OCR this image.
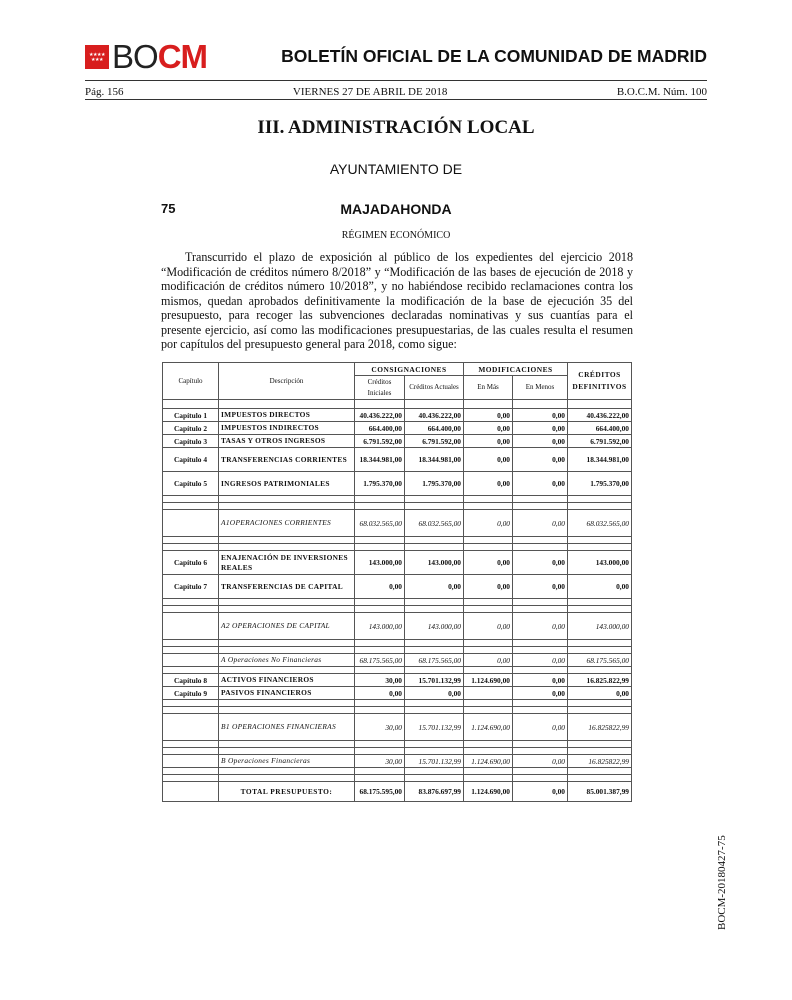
★★★★
★★★ BOCM	BOLETÍN OFICIAL DE LA COMUNIDAD DE MADRID
Pág. 156	VIERNES 27 DE ABRIL DE 2018	B.O.C.M. Núm. 100
III. ADMINISTRACIÓN LOCAL
AYUNTAMIENTO DE
75	MAJADAHONDA
RÉGIMEN ECONÓMICO

Transcurrido el plazo de exposición al público de los expedientes del ejercicio 2018 “Modificación de créditos número 8/2018” y “Modificación de las bases de ejecución de 2018 y modificación de créditos número 10/2018”, y no habiéndose recibido reclamaciones contra los mismos, quedan aprobados definitivamente la modificación de la base de ejecución 35 del presupuesto, para recoger las subvenciones declaradas nominativas y sus cuantías para el presente ejercicio, así como las modificaciones presupuestarias, de las cuales resulta el resumen por capítulos del presupuesto general para 2018, como sigue:

Capítulo	Descripción	CONSIGNACIONES		MODIFICACIONES		CRÉDITOS DEFINITIVOS
		Créditos Iniciales	Créditos Actuales	En Más	En Menos	

Capítulo 1	IMPUESTOS DIRECTOS	40.436.222,00	40.436.222,00	0,00	0,00	40.436.222,00
Capítulo 2	IMPUESTOS INDIRECTOS	664.400,00	664.400,00	0,00	0,00	664.400,00
Capítulo 3	TASAS Y OTROS INGRESOS	6.791.592,00	6.791.592,00	0,00	0,00	6.791.592,00
Capítulo 4	TRANSFERENCIAS CORRIENTES	18.344.981,00	18.344.981,00	0,00	0,00	18.344.981,00
Capítulo 5	INGRESOS PATRIMONIALES	1.795.370,00	1.795.370,00	0,00	0,00	1.795.370,00

	A1OPERACIONES CORRIENTES	68.032.565,00	68.032.565,00	0,00	0,00	68.032.565,00

Capítulo 6	ENAJENACIÓN DE INVERSIONES REALES	143.000,00	143.000,00	0,00	0,00	143.000,00
Capítulo 7	TRANSFERENCIAS DE CAPITAL	0,00	0,00	0,00	0,00	0,00

	A2 OPERACIONES DE CAPITAL	143.000,00	143.000,00	0,00	0,00	143.000,00

	A Operaciones No Financieras	68.175.565,00	68.175.565,00	0,00	0,00	68.175.565,00

Capítulo 8	ACTIVOS FINANCIEROS	30,00	15.701.132,99	1.124.690,00	0,00	16.825.822,99
Capítulo 9	PASIVOS FINANCIEROS	0,00	0,00		0,00	0,00

	B1 OPERACIONES FINANCIERAS	30,00	15.701.132,99	1.124.690,00	0,00	16.825822,99

	B Operaciones Financieras	30,00	15.701.132,99	1.124.690,00	0,00	16.825822,99

	TOTAL PRESUPUESTO:	68.175.595,00	83.876.697,99	1.124.690,00	0,00	85.001.387,99
BOCM-20180427-75
